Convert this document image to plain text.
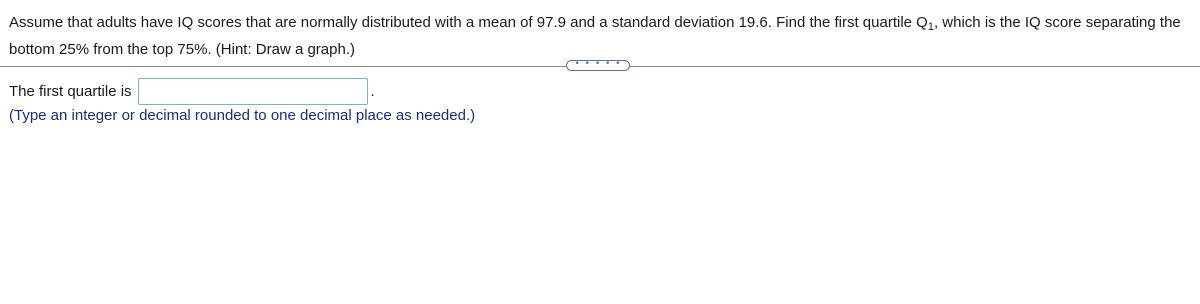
Assume that adults have IQ scores that are normally distributed with a mean of 97.9 and a standard deviation 19.6. Find the first quartile $Q_1$, which is the IQ score separating the bottom 25% from the top 75%. (Hint: Draw a graph.)
• • • • •
The first quartile is	.
(Type an integer or decimal rounded to one decimal place as needed.)
